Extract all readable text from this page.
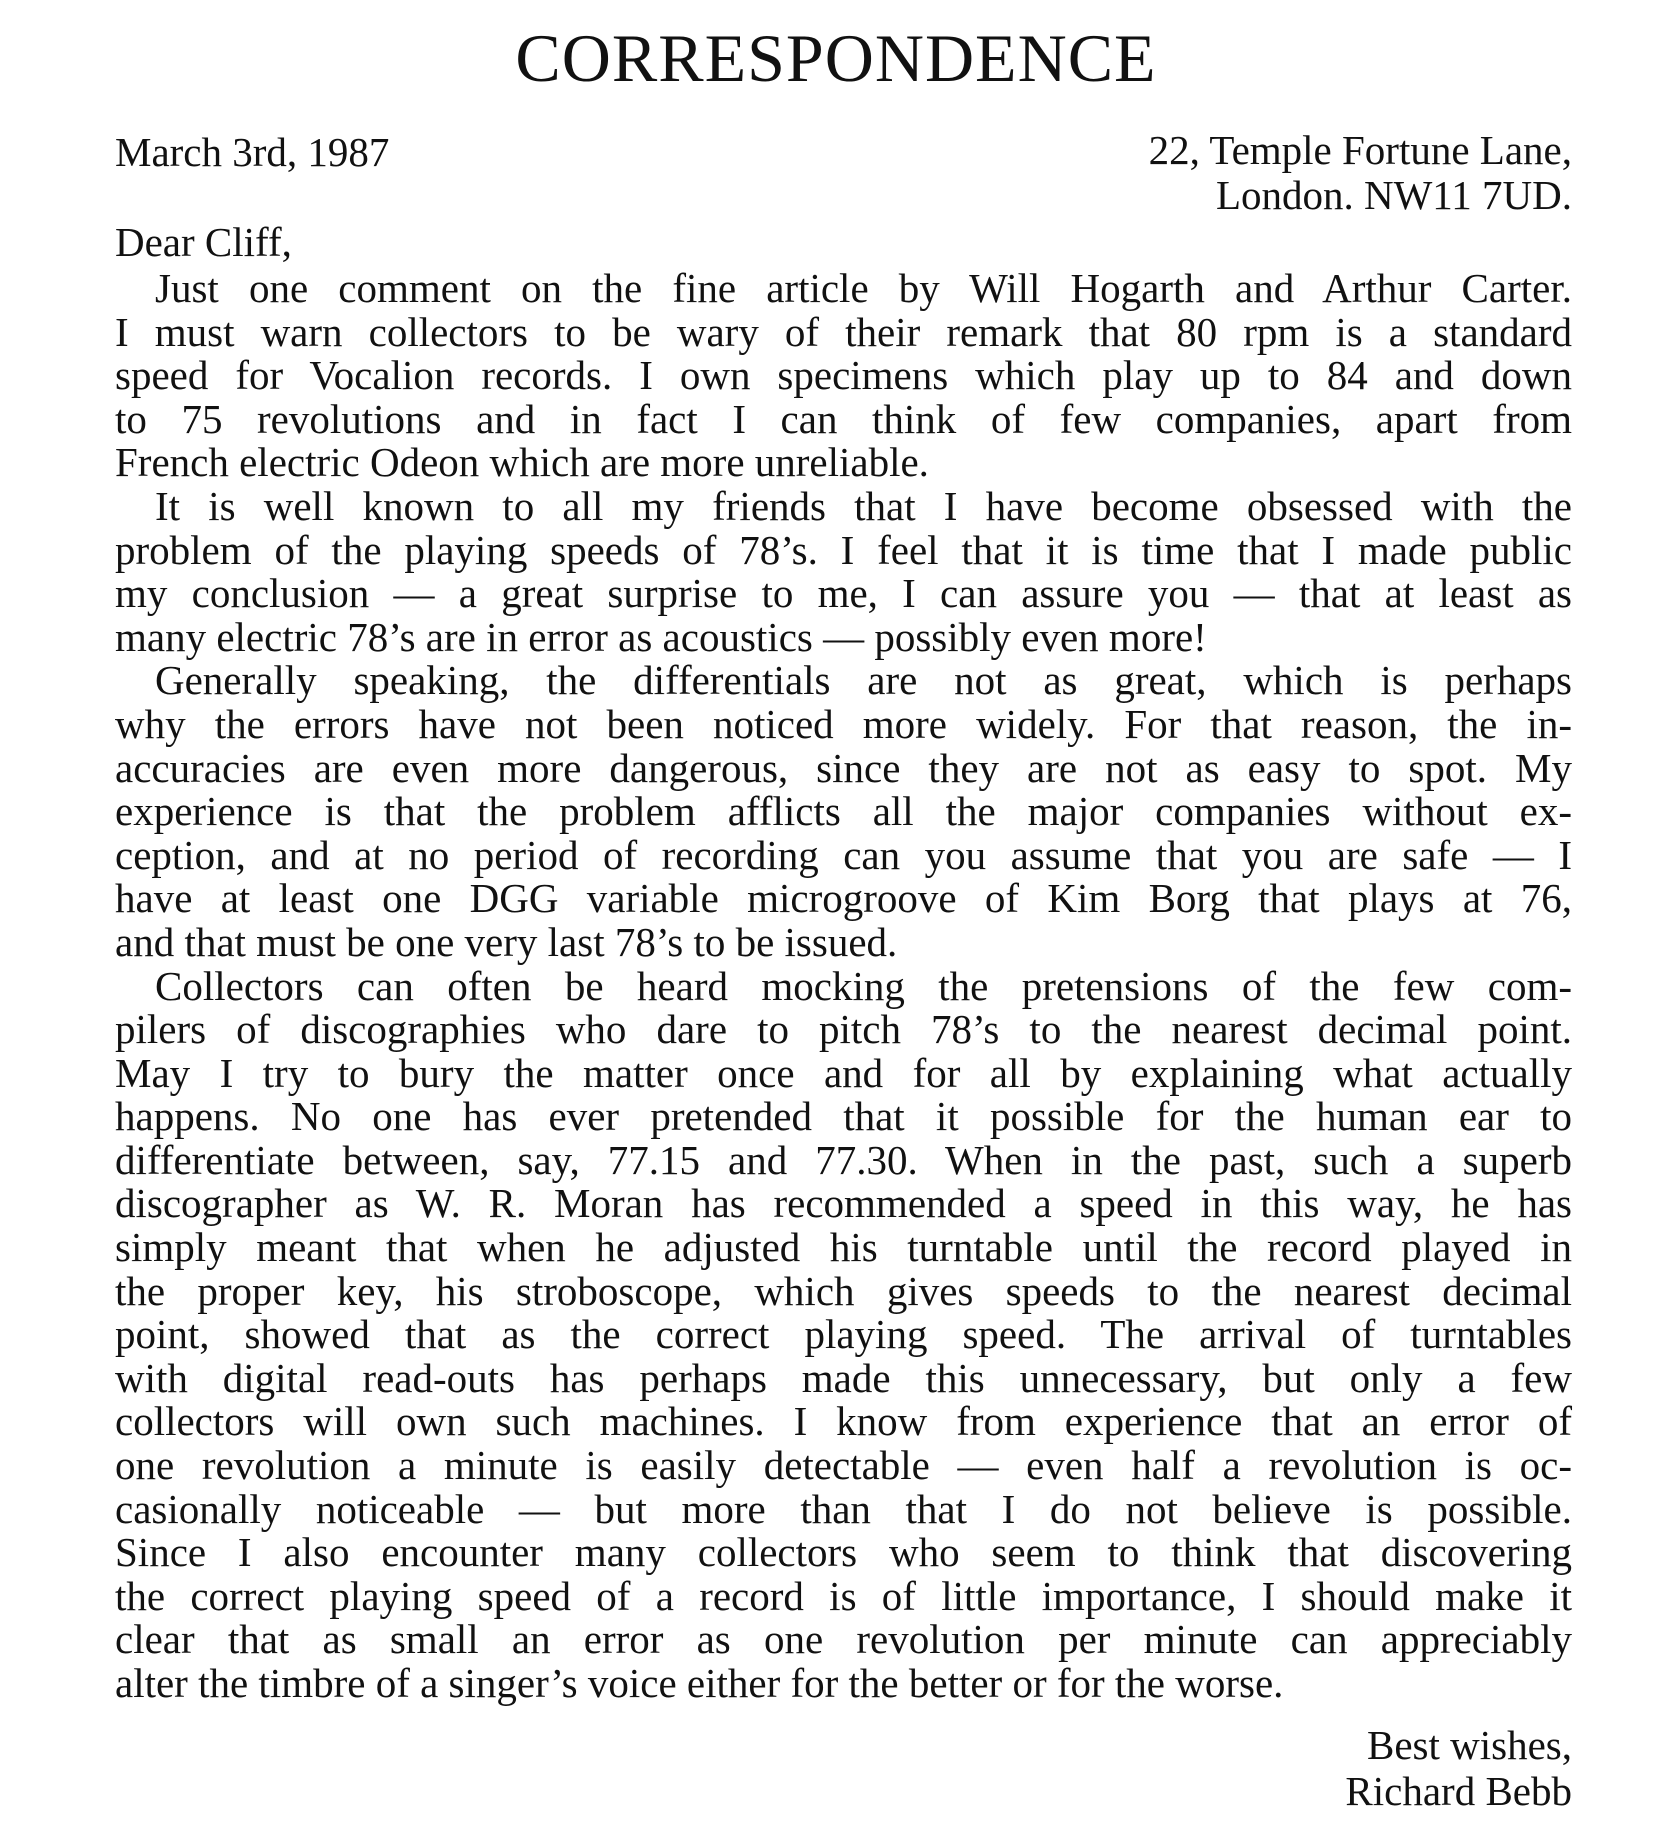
CORRESPONDENCE
March 3rd, 1987	22, Temple Fortune Lane,
London. NW11 7UD.
Dear Cliff,
Just one comment on the fine article by Will Hogarth and Arthur Carter.
I must warn collectors to be wary of their remark that 80 rpm is a standard
speed for Vocalion records. I own specimens which play up to 84 and down
to 75 revolutions and in fact I can think of few companies, apart from
French electric Odeon which are more unreliable.
It is well known to all my friends that I have become obsessed with the
problem of the playing speeds of 78’s. I feel that it is time that I made public
my conclusion — a great surprise to me, I can assure you — that at least as
many electric 78’s are in error as acoustics — possibly even more!
Generally speaking, the differentials are not as great, which is perhaps
why the errors have not been noticed more widely. For that reason, the in-
accuracies are even more dangerous, since they are not as easy to spot. My
experience is that the problem afflicts all the major companies without ex-
ception, and at no period of recording can you assume that you are safe — I
have at least one DGG variable microgroove of Kim Borg that plays at 76,
and that must be one very last 78’s to be issued.
Collectors can often be heard mocking the pretensions of the few com-
pilers of discographies who dare to pitch 78’s to the nearest decimal point.
May I try to bury the matter once and for all by explaining what actually
happens. No one has ever pretended that it possible for the human ear to
differentiate between, say, 77.15 and 77.30. When in the past, such a superb
discographer as W. R. Moran has recommended a speed in this way, he has
simply meant that when he adjusted his turntable until the record played in
the proper key, his stroboscope, which gives speeds to the nearest decimal
point, showed that as the correct playing speed. The arrival of turntables
with digital read-outs has perhaps made this unnecessary, but only a few
collectors will own such machines. I know from experience that an error of
one revolution a minute is easily detectable — even half a revolution is oc-
casionally noticeable — but more than that I do not believe is possible.
Since I also encounter many collectors who seem to think that discovering
the correct playing speed of a record is of little importance, I should make it
clear that as small an error as one revolution per minute can appreciably
alter the timbre of a singer’s voice either for the better or for the worse.
Best wishes,
Richard Bebb
